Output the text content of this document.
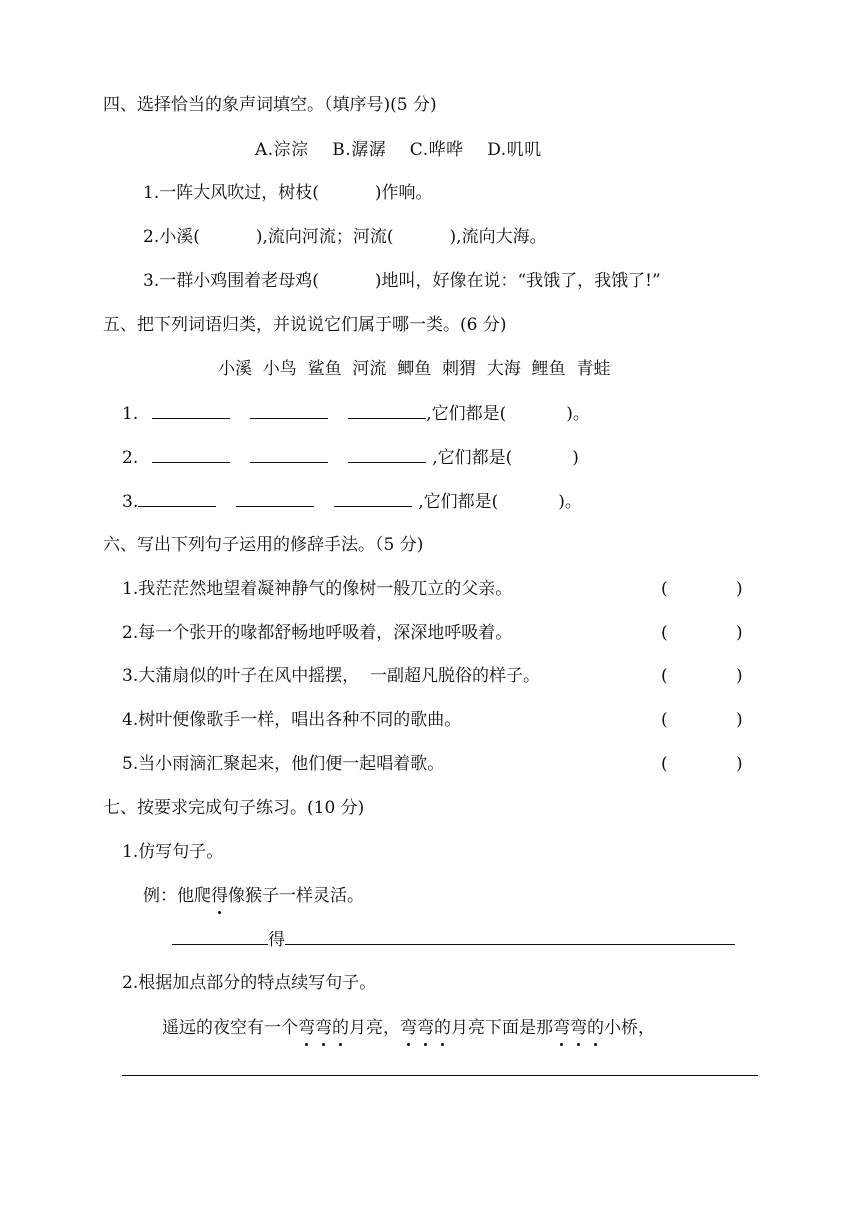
四、选择恰当的象声词填空。（填序号)(5 分)
A.淙淙    B.潺潺    C.哗哗    D.叽叽
1.一阵大风吹过，树枝(	)作响。
2.小溪(	),流向河流；河流(	),流向大海。
3.一群小鸡围着老母鸡(	)地叫，好像在说：“我饿了，我饿了!”
五、把下列词语归类，并说说它们属于哪一类。(6 分)
小溪  小鸟  鲨鱼  河流  鲫鱼  刺猬  大海  鲤鱼  青蛙
1.	,它们都是(	)。
2.	,它们都是(	)
3.	,它们都是(	)。
六、写出下列句子运用的修辞手法。（5 分)
1.我茫茫然地望着凝神静气的像树一般兀立的父亲。	(	)
2.每一个张开的喙都舒畅地呼吸着，深深地呼吸着。	(	)
3.大蒲扇似的叶子在风中摇摆，  一副超凡脱俗的样子。	(	)
4.树叶便像歌手一样，唱出各种不同的歌曲。	(	)
5.当小雨滴汇聚起来，他们便一起唱着歌。	(	)
七、按要求完成句子练习。(10 分)
1.仿写句子。
例：他爬得像猴子一样灵活。
得
2.根据加点部分的特点续写句子。
遥远的夜空有一个弯弯的月亮，弯弯的月亮下面是那弯弯的小桥，
